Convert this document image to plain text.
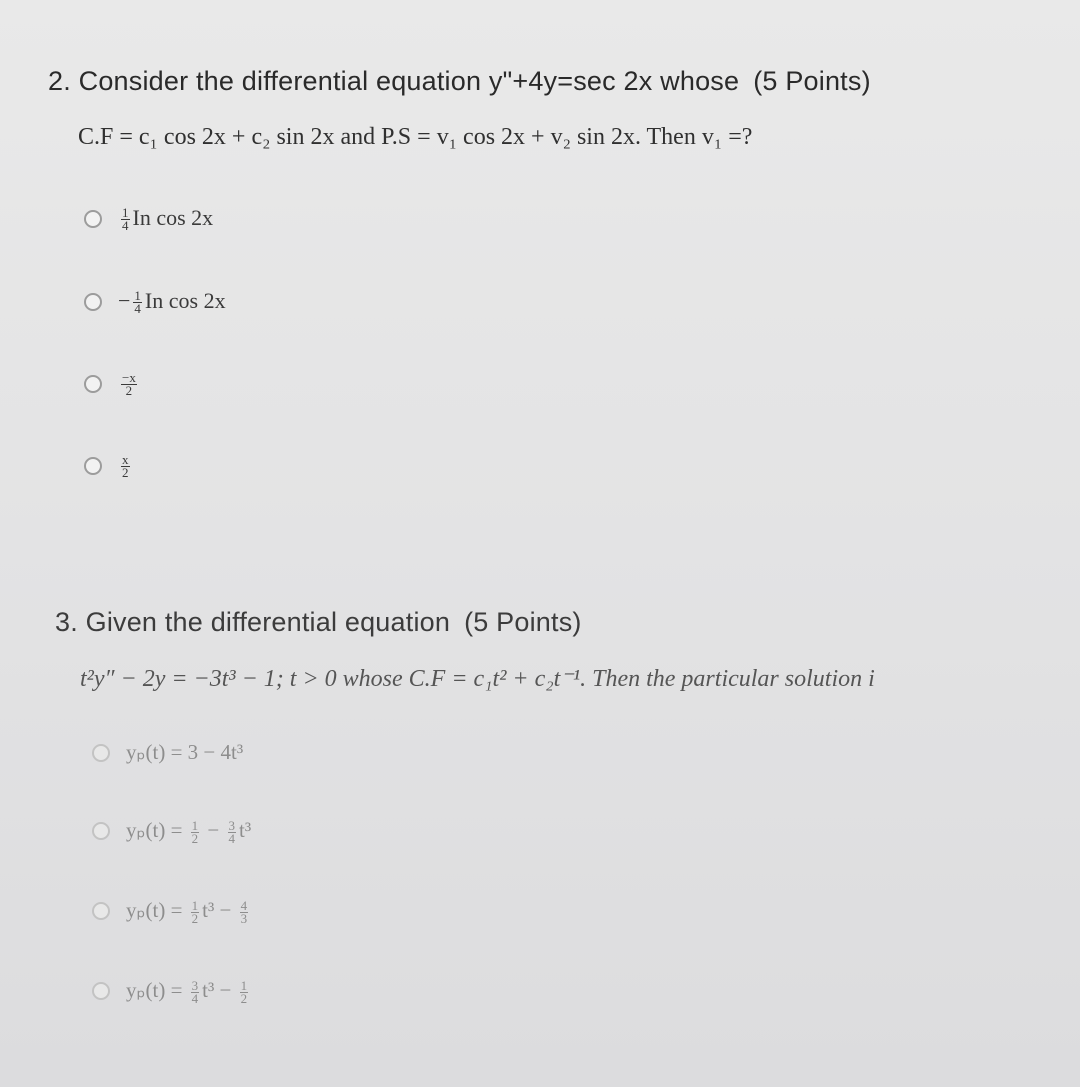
2. Consider the differential equation y"+4y=sec 2x whose (5 Points)
C.F = c₁ cos 2x + c₂ sin 2x and P.S = v₁ cos 2x + v₂ sin 2x. Then v₁ =?
$\frac{1}{4}$ In cos 2x
− $\frac{1}{4}$ In cos 2x
$\frac{-x}{2}$
$\frac{x}{2}$
3. Given the differential equation (5 Points)
t²y″ − 2y = −3t³ − 1; t > 0 whose C.F = c₁t² + c₂t⁻¹. Then the particular solution i
yₚ(t) = 3 − 4t³
$y_p(t) = \frac{1}{2} - \frac{3}{4} t^3$
$y_p(t) = \frac{1}{2} t^3 - \frac{4}{3}$
$y_p(t) = \frac{3}{4} t^3 - \frac{1}{2}$
